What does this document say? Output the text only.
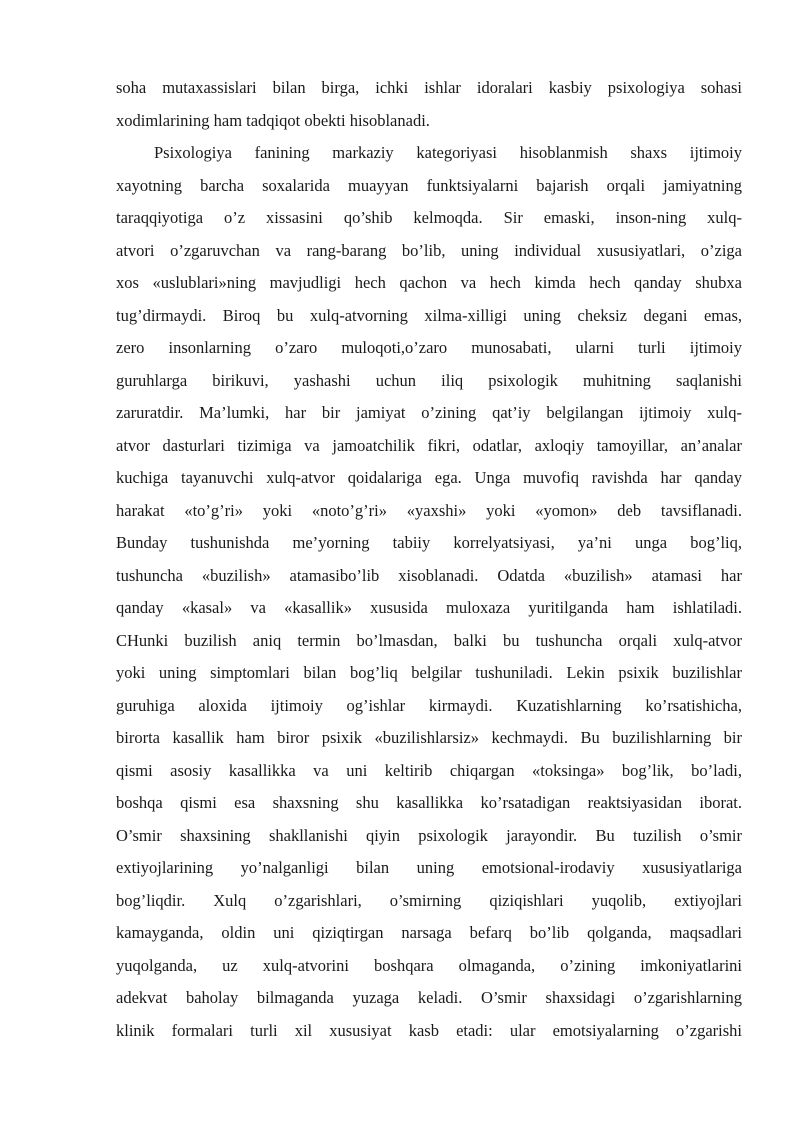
soha mutaxassislari bilan birga, ichki ishlar idoralari kasbiy psixologiya sohasi
xodimlarining ham tadqiqot obekti hisoblanadi.
Psixologiya fanining markaziy kategoriyasi hisoblanmish shaxs ijtimoiy
xayotning barcha soxalarida muayyan funktsiyalarni bajarish orqali jamiyatning
taraqqiyotiga o’z xissasini qo’shib kelmoqda. Sir emaski, inson-ning xulq-
atvori o’zgaruvchan va rang-barang bo’lib, uning individual xususiyatlari, o’ziga
xos «uslublari»ning mavjudligi hech qachon va hech kimda hech qanday shubxa
tug’dirmaydi. Biroq bu xulq-atvorning xilma-xilligi uning cheksiz degani emas,
zero insonlarning o’zaro muloqoti,o’zaro munosabati, ularni turli ijtimoiy
guruhlarga birikuvi, yashashi uchun iliq psixologik muhitning saqlanishi
zaruratdir. Ma’lumki, har bir jamiyat o’zining qat’iy belgilangan ijtimoiy xulq-
atvor dasturlari tizimiga va jamoatchilik fikri, odatlar, axloqiy tamoyillar, an’analar
kuchiga tayanuvchi xulq-atvor qoidalariga ega. Unga muvofiq ravishda har qanday
harakat «to’g’ri» yoki «noto’g’ri» «yaxshi» yoki «yomon» deb tavsiflanadi.
Bunday tushunishda me’yorning tabiiy korrelyatsiyasi, ya’ni unga bog’liq,
tushuncha «buzilish» atamasibo’lib xisoblanadi. Odatda «buzilish» atamasi har
qanday «kasal» va «kasallik» xususida muloxaza yuritilganda ham ishlatiladi.
CHunki buzilish aniq termin bo’lmasdan, balki bu tushuncha orqali xulq-atvor
yoki uning simptomlari bilan bog’liq belgilar tushuniladi. Lekin psixik buzilishlar
guruhiga aloxida ijtimoiy og’ishlar kirmaydi. Kuzatishlarning ko’rsatishicha,
birorta kasallik ham biror psixik «buzilishlarsiz» kechmaydi. Bu buzilishlarning bir
qismi asosiy kasallikka va uni keltirib chiqargan «toksinga» bog’lik, bo’ladi,
boshqa qismi esa shaxsning shu kasallikka ko’rsatadigan reaktsiyasidan iborat.
O’smir shaxsining shakllanishi qiyin psixologik jarayondir. Bu tuzilish o’smir
extiyojlarining yo’nalganligi bilan uning emotsional-irodaviy xususiyatlariga
bog’liqdir. Xulq o’zgarishlari, o’smirning qiziqishlari yuqolib, extiyojlari
kamayganda, oldin uni qiziqtirgan narsaga befarq bo’lib qolganda, maqsadlari
yuqolganda, uz xulq-atvorini boshqara olmaganda, o’zining imkoniyatlarini
adekvat baholay bilmaganda yuzaga keladi. O’smir shaxsidagi o’zgarishlarning
klinik formalari turli xil xususiyat kasb etadi: ular emotsiyalarning o’zgarishi
